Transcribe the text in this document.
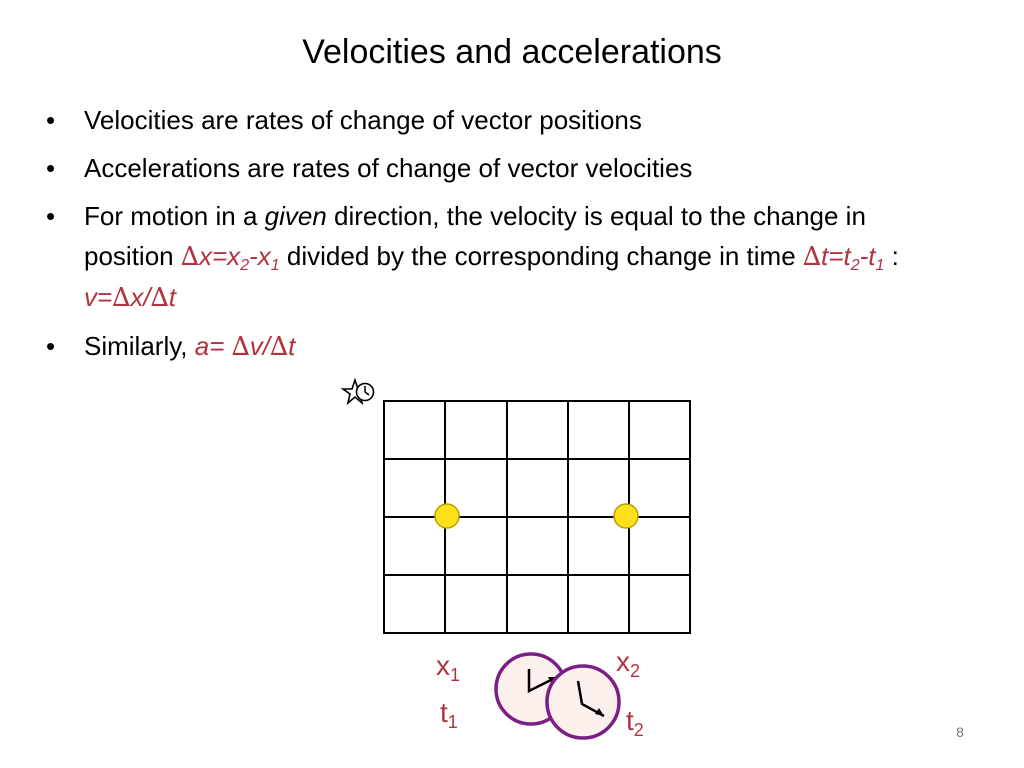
Velocities and accelerations
• Velocities are rates of change of vector positions
• Accelerations are rates of change of vector velocities
• For motion in a given direction, the velocity is equal to the change in position $\Delta x=x_2-x_1$ divided by the corresponding change in time $\Delta t=t_2-t_1$ : v=∆x/∆t
• Similarly, a= ∆v/∆t
$x_1$	$x_2$
$t_1$	$t_2$	8
